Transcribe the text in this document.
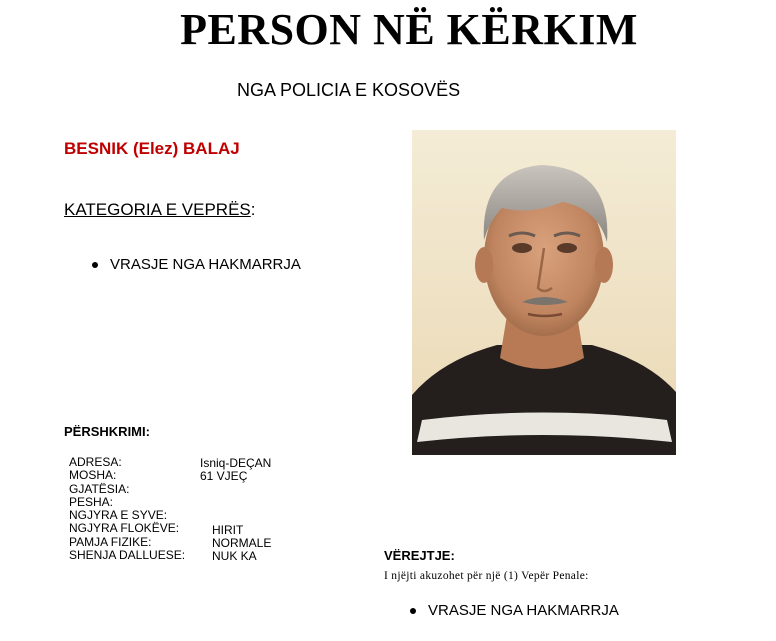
PERSON NË KËRKIM
NGA POLICIA E KOSOVËS
BESNIK (Elez) BALAJ
KATEGORIA E VEPRËS:
VRASJE NGA HAKMARRJA
PËRSHKRIMI:
ADRESA:
MOSHA:
GJATËSIA:
PESHA:
NGJYRA E SYVE:
NGJYRA FLOKËVE:
PAMJA FIZIKE:
SHENJA DALLUESE:
Isniq-DEÇAN
61 VJEÇ
HIRIT
NORMALE
NUK KA	VËREJTJE:
I njëjti akuzohet për një (1) Vepër Penale:
VRASJE NGA HAKMARRJA
